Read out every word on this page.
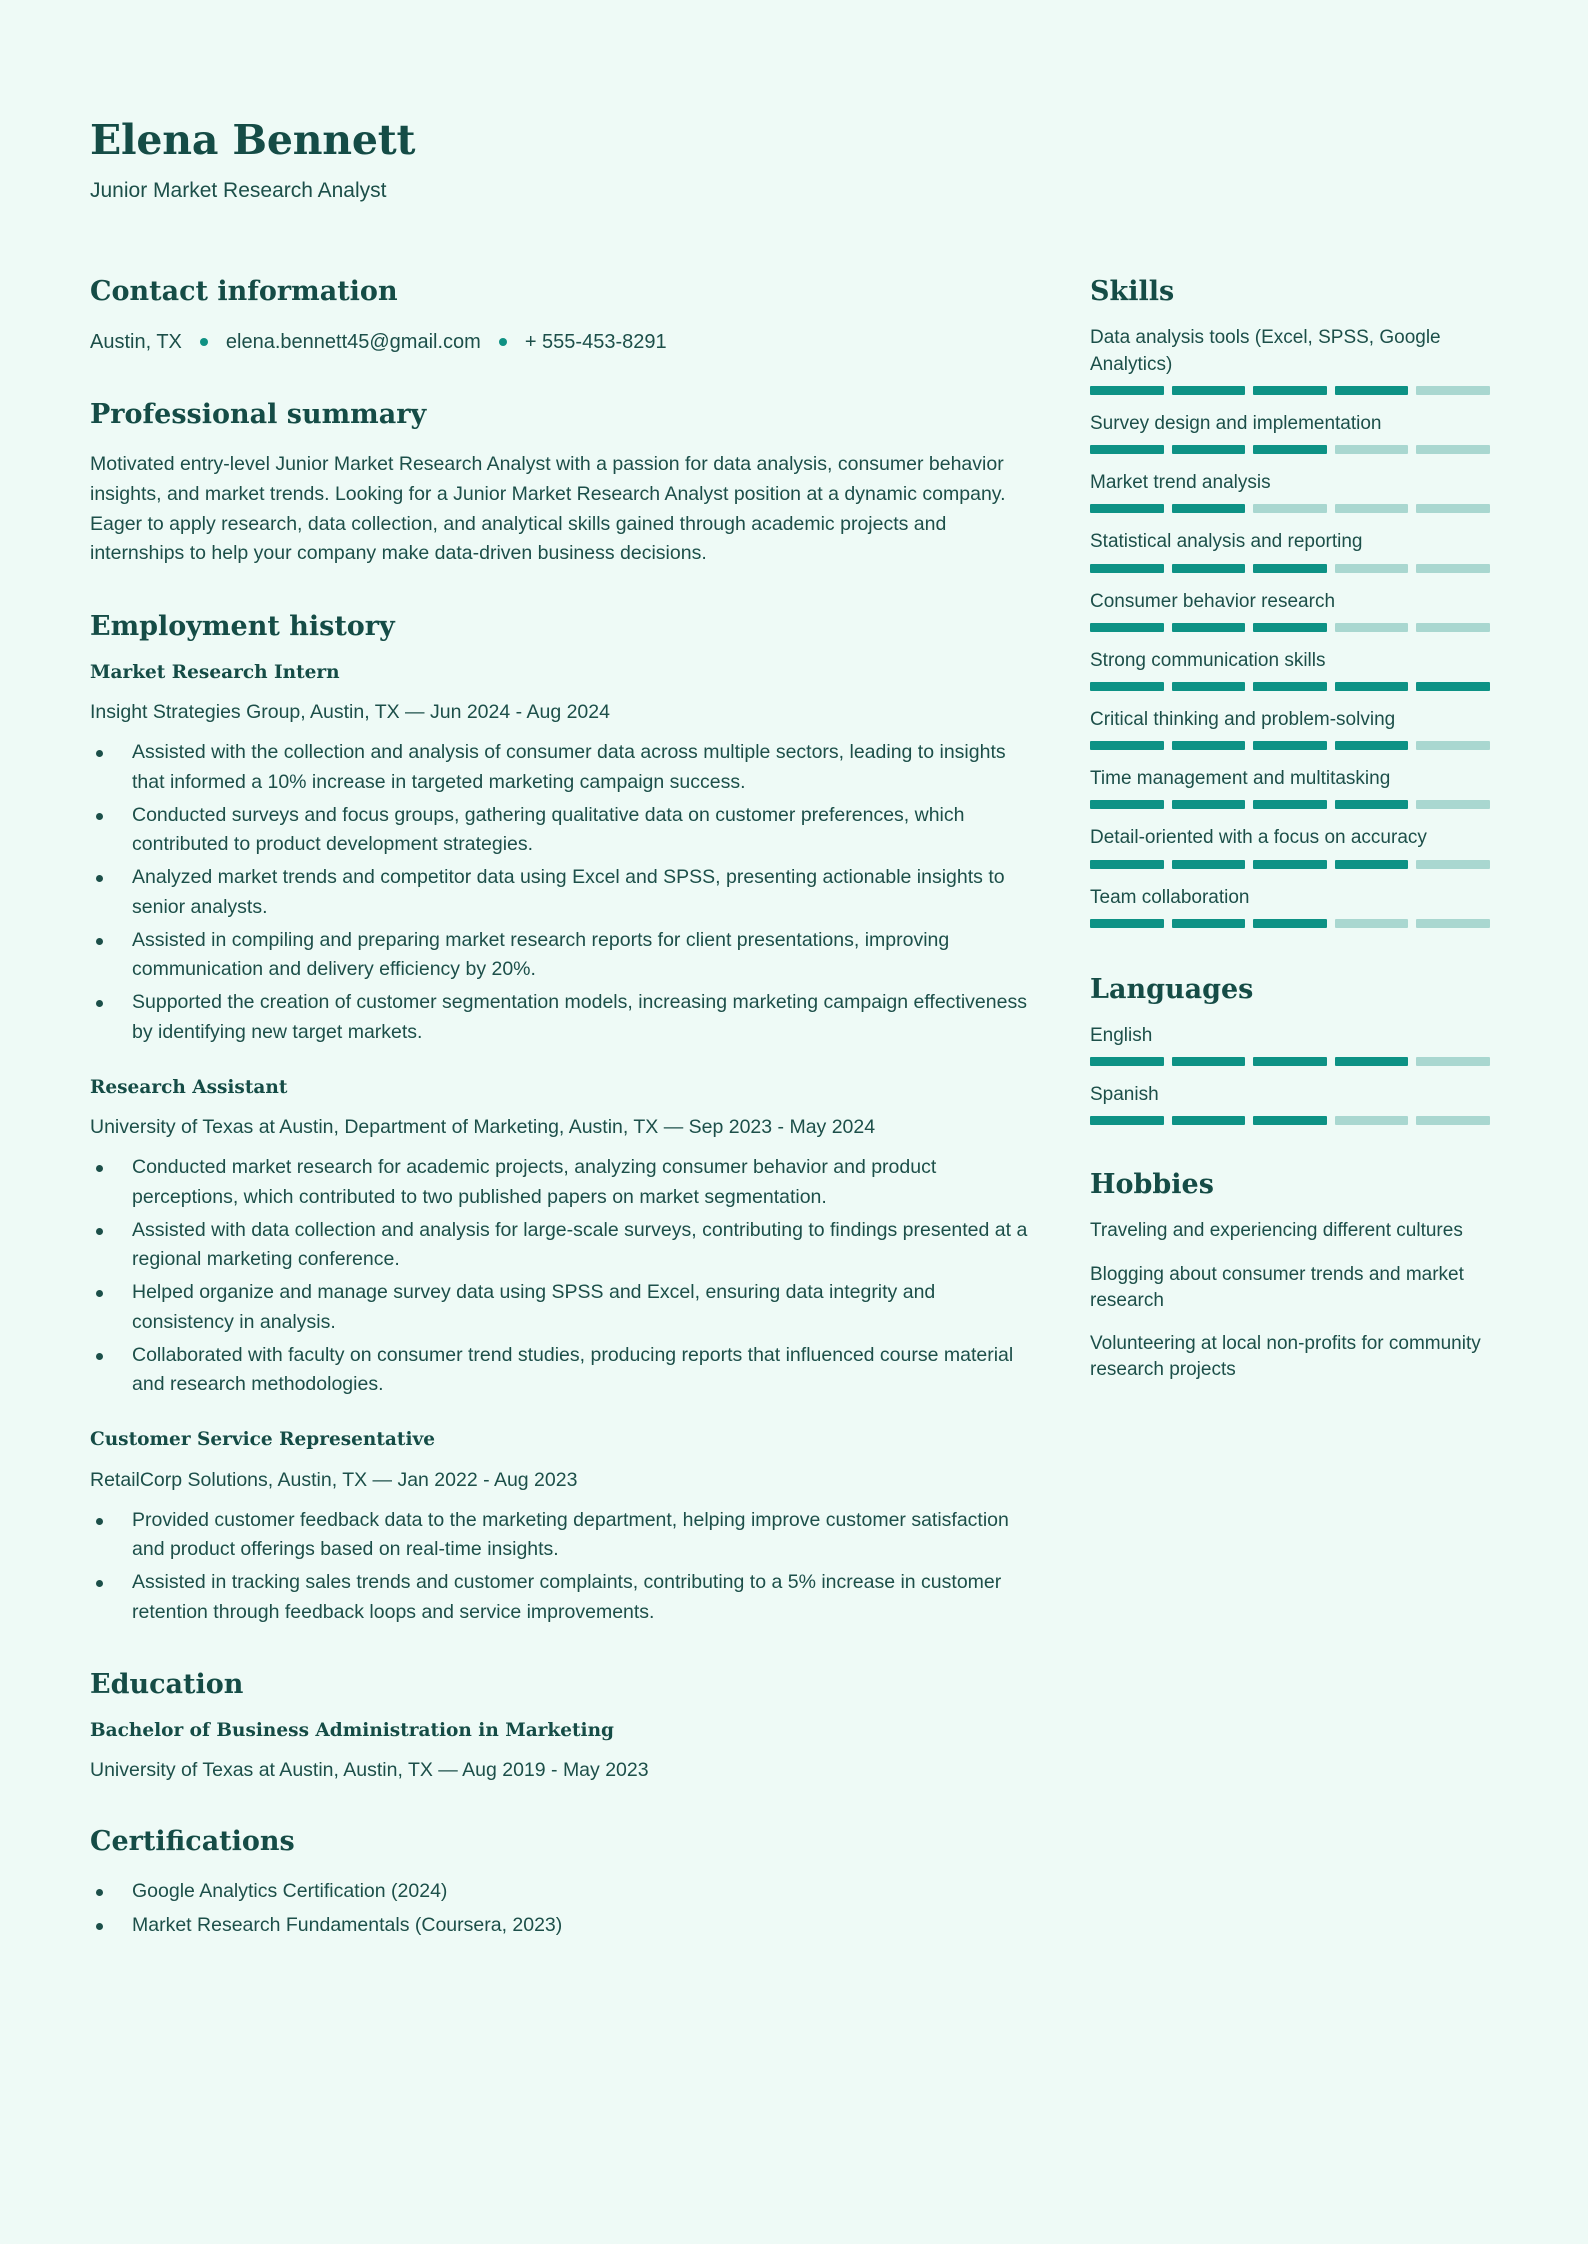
Elena Bennett

Junior Market Research Analyst

Contact information
Austin, TX elena.bennett45@gmail.com + 555-453-8291
Professional summary

Motivated entry-level Junior Market Research Analyst with a passion for data analysis, consumer behavior insights, and market trends. Looking for a Junior Market Research Analyst position at a dynamic company. Eager to apply research, data collection, and analytical skills gained through academic projects and internships to help your company make data-driven business decisions.

Employment history

Market Research Intern

Insight Strategies Group, Austin, TX — Jun 2024 - Aug 2024

Assisted with the collection and analysis of consumer data across multiple sectors, leading to insights that informed a 10% increase in targeted marketing campaign success.
Conducted surveys and focus groups, gathering qualitative data on customer preferences, which contributed to product development strategies.
Analyzed market trends and competitor data using Excel and SPSS, presenting actionable insights to senior analysts.
Assisted in compiling and preparing market research reports for client presentations, improving communication and delivery efficiency by 20%.
Supported the creation of customer segmentation models, increasing marketing campaign effectiveness by identifying new target markets.

Research Assistant

University of Texas at Austin, Department of Marketing, Austin, TX — Sep 2023 - May 2024

Conducted market research for academic projects, analyzing consumer behavior and product perceptions, which contributed to two published papers on market segmentation.
Assisted with data collection and analysis for large-scale surveys, contributing to findings presented at a regional marketing conference.
Helped organize and manage survey data using SPSS and Excel, ensuring data integrity and consistency in analysis.
Collaborated with faculty on consumer trend studies, producing reports that influenced course material and research methodologies.

Customer Service Representative

RetailCorp Solutions, Austin, TX — Jan 2022 - Aug 2023

Provided customer feedback data to the marketing department, helping improve customer satisfaction and product offerings based on real-time insights.
Assisted in tracking sales trends and customer complaints, contributing to a 5% increase in customer retention through feedback loops and service improvements.
Education

Bachelor of Business Administration in Marketing

University of Texas at Austin, Austin, TX — Aug 2019 - May 2023

Certifications
Google Analytics Certification (2024)
Market Research Fundamentals (Coursera, 2023)
Skills

Data analysis tools (Excel, SPSS, Google Analytics)

Survey design and implementation

Market trend analysis

Statistical analysis and reporting

Consumer behavior research

Strong communication skills

Critical thinking and problem-solving

Time management and multitasking

Detail-oriented with a focus on accuracy

Team collaboration

Languages

English

Spanish

Hobbies

Traveling and experiencing different cultures

Blogging about consumer trends and market research

Volunteering at local non-profits for community research projects
